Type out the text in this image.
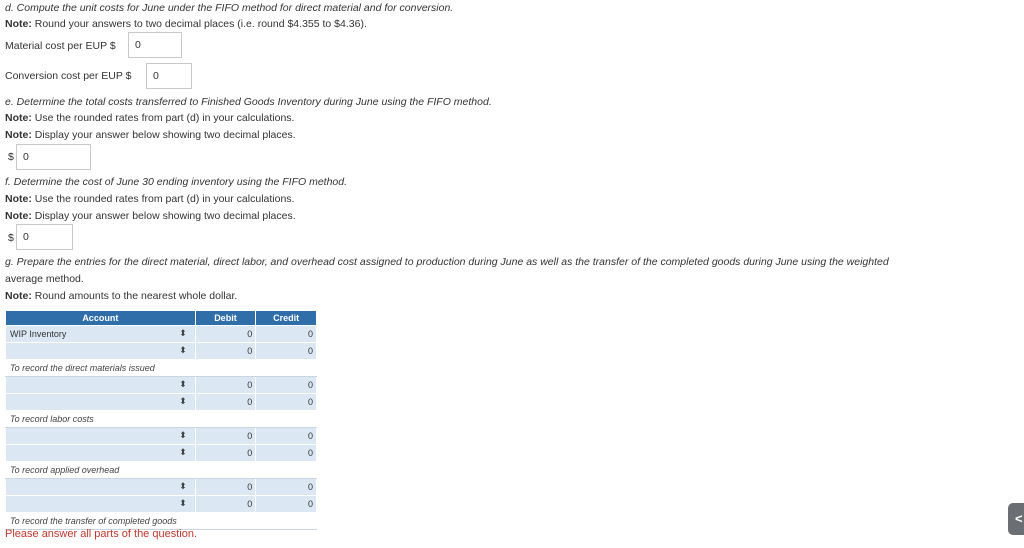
d. Compute the unit costs for June under the FIFO method for direct material and for conversion.
Note: Round your answers to two decimal places (i.e. round $4.355 to $4.36).
Material cost per EUP $	0
Conversion cost per EUP $	0
e. Determine the total costs transferred to Finished Goods Inventory during June using the FIFO method.
Note: Use the rounded rates from part (d) in your calculations.
Note: Display your answer below showing two decimal places.
$ 0
f. Determine the cost of June 30 ending inventory using the FIFO method.
Note: Use the rounded rates from part (d) in your calculations.
Note: Display your answer below showing two decimal places.
$ 0
g. Prepare the entries for the direct material, direct labor, and overhead cost assigned to production during June as well as the transfer of the completed goods during June using the weighted
average method.
Note: Round amounts to the nearest whole dollar.
Account	Debit	Credit
WIP Inventory ⬍	0	0

⬍	0	0
To record the direct materials issued		

⬍	0	0

⬍	0	0
To record labor costs		

⬍	0	0

⬍	0	0
To record applied overhead		

⬍	0	0

⬍	0	0
To record the transfer of completed goods		
Please answer all parts of the question.
<
